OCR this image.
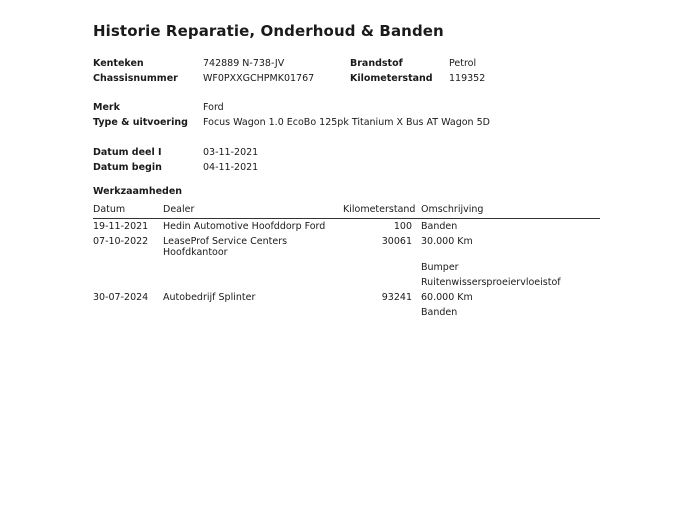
Historie Reparatie, Onderhoud & Banden
Kenteken	742889 N-738-JV	Brandstof	Petrol
Chassisnummer	WF0PXXGCHPMK01767	Kilometerstand 119352
Merk	Ford
Type & uitvoering Focus Wagon 1.0 EcoBo 125pk Titanium X Bus AT Wagon 5D
Datum deel I	03-11-2021
Datum begin	04-11-2021
Werkzaamheden
Datum	Dealer	Kilometerstand Omschrijving
19-11-2021 Hedin Automotive Hoofddorp Ford	100 Banden
07-10-2022 LeaseProf Service Centers
Hoofdkantoor
30061 30.000 Km
Bumper
Ruitenwissersproeiervloeistof
30-07-2024 Autobedrijf Splinter	93241 60.000 Km
Banden
